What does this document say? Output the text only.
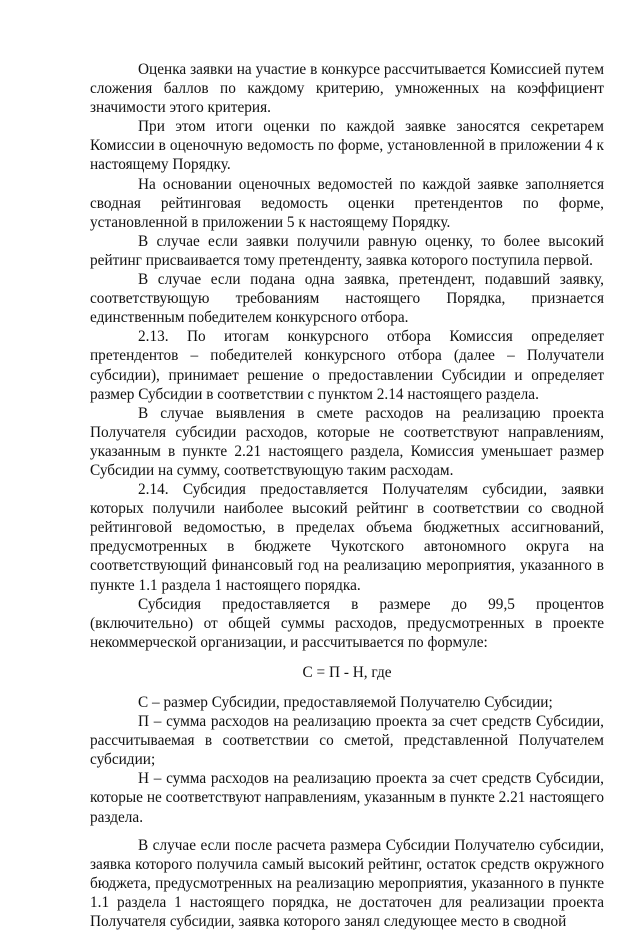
Оценка заявки на участие в конкурсе рассчитывается Комиссией путем сложения баллов по каждому критерию, умноженных на коэффициент значимости этого критерия.

При этом итоги оценки по каждой заявке заносятся секретарем Комиссии в оценочную ведомость по форме, установленной в приложении 4 к настоящему Порядку.

На основании оценочных ведомостей по каждой заявке заполняется сводная рейтинговая ведомость оценки претендентов по форме, установленной в приложении 5 к настоящему Порядку.

В случае если заявки получили равную оценку, то более высокий рейтинг присваивается тому претенденту, заявка которого поступила первой.

В случае если подана одна заявка, претендент, подавший заявку, соответствующую требованиям настоящего Порядка, признается единственным победителем конкурсного отбора.

2.13. По итогам конкурсного отбора Комиссия определяет претендентов – победителей конкурсного отбора (далее – Получатели субсидии), принимает решение о предоставлении Субсидии и определяет размер Субсидии в соответствии с пунктом 2.14 настоящего раздела.

В случае выявления в смете расходов на реализацию проекта Получателя субсидии расходов, которые не соответствуют направлениям, указанным в пункте 2.21 настоящего раздела, Комиссия уменьшает размер Субсидии на сумму, соответствующую таким расходам.

2.14. Субсидия предоставляется Получателям субсидии, заявки которых получили наиболее высокий рейтинг в соответствии со сводной рейтинговой ведомостью, в пределах объема бюджетных ассигнований, предусмотренных в бюджете Чукотского автономного округа на соответствующий финансовый год на реализацию мероприятия, указанного в пункте 1.1 раздела 1 настоящего порядка.

Субсидия предоставляется в размере до 99,5 процентов (включительно) от общей суммы расходов, предусмотренных в проекте некоммерческой организации, и рассчитывается по формуле:

С = П - Н, где

С – размер Субсидии, предоставляемой Получателю Субсидии;

П – сумма расходов на реализацию проекта за счет средств Субсидии, рассчитываемая в соответствии со сметой, представленной Получателем субсидии;

Н – сумма расходов на реализацию проекта за счет средств Субсидии, которые не соответствуют направлениям, указанным в пункте 2.21 настоящего раздела.

В случае если после расчета размера Субсидии Получателю субсидии, заявка которого получила самый высокий рейтинг, остаток средств окружного бюджета, предусмотренных на реализацию мероприятия, указанного в пункте 1.1 раздела 1 настоящего порядка, не достаточен для реализации проекта Получателя субсидии, заявка которого занял следующее место в сводной
